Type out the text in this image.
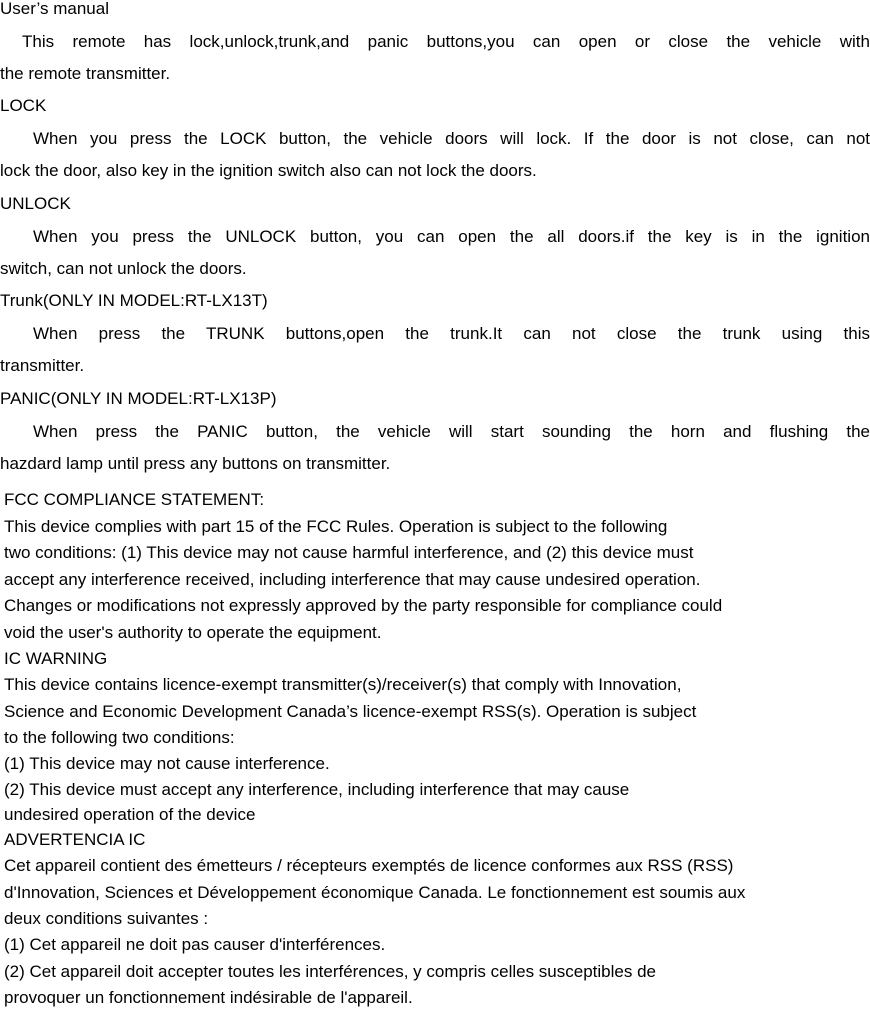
User’s manual
This remote has lock,unlock,trunk,and panic buttons,you can open or close the vehicle with
the remote transmitter.
LOCK
When you press the LOCK button, the vehicle doors will lock. If the door is not close, can not
lock the door, also key in the ignition switch also can not lock the doors.
UNLOCK
When you press the UNLOCK button, you can open the all doors.if the key is in the ignition
switch, can not unlock the doors.
Trunk(ONLY IN MODEL:RT-LX13T)
When press the TRUNK buttons,open the trunk.It can not close the trunk using this
transmitter.
PANIC(ONLY IN MODEL:RT-LX13P)
When press the PANIC button, the vehicle will start sounding the horn and flushing the
hazdard lamp until press any buttons on transmitter.
FCC COMPLIANCE STATEMENT:
This device complies with part 15 of the FCC Rules. Operation is subject to the following
two conditions: (1) This device may not cause harmful interference, and (2) this device must
accept any interference received, including interference that may cause undesired operation.
Changes or modifications not expressly approved by the party responsible for compliance could
void the user's authority to operate the equipment.
IC WARNING
This device contains licence-exempt transmitter(s)/receiver(s) that comply with Innovation,
Science and Economic Development Canada’s licence-exempt RSS(s). Operation is subject
to the following two conditions:
(1) This device may not cause interference.
(2) This device must accept any interference, including interference that may cause
undesired operation of the device
ADVERTENCIA IC
Cet appareil contient des émetteurs / récepteurs exemptés de licence conformes aux RSS (RSS)
d'Innovation, Sciences et Développement économique Canada. Le fonctionnement est soumis aux
deux conditions suivantes :
(1) Cet appareil ne doit pas causer d'interférences.
(2) Cet appareil doit accepter toutes les interférences, y compris celles susceptibles de
provoquer un fonctionnement indésirable de l'appareil.
